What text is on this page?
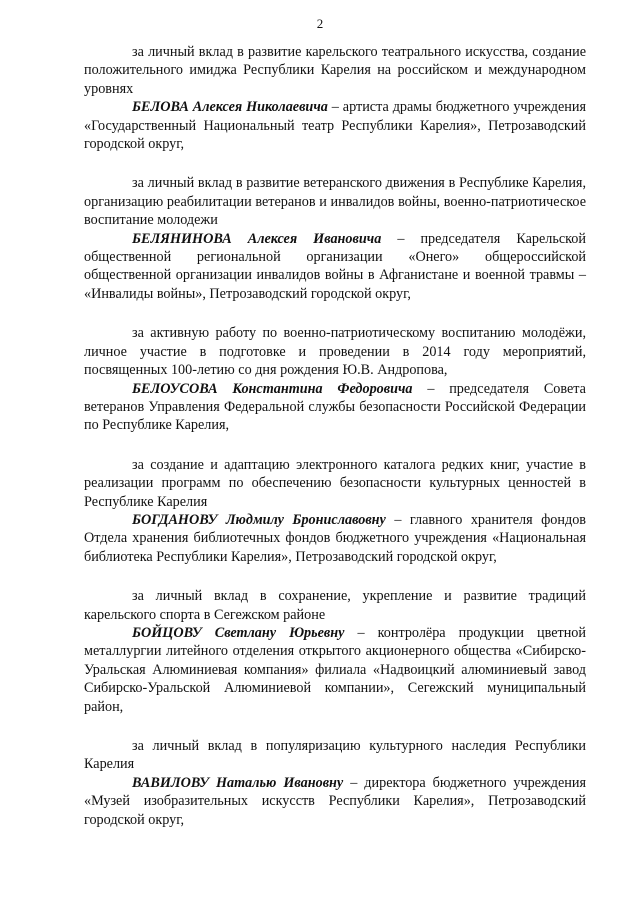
2

за личный вклад в развитие карельского театрального искусства, создание положительного имиджа Республики Карелия на российском и международном уровнях

БЕЛОВА Алексея Николаевича – артиста драмы бюджетного учреждения «Государственный Национальный театр Республики Карелия», Петрозаводский городской округ,

за личный вклад в развитие ветеранского движения в Республике Карелия, организацию реабилитации ветеранов и инвалидов войны, военно-патриотическое воспитание молодежи

БЕЛЯНИНОВА Алексея Ивановича – председателя Карельской общественной региональной организации «Онего» общероссийской общественной организации инвалидов войны в Афганистане и военной травмы – «Инвалиды войны», Петрозаводский городской округ,

за активную работу по военно-патриотическому воспитанию молодёжи, личное участие в подготовке и проведении в 2014 году мероприятий, посвященных 100-летию со дня рождения Ю.В. Андропова,

БЕЛОУСОВА Константина Федоровича – председателя Совета ветеранов Управления Федеральной службы безопасности Российской Федерации по Республике Карелия,

за создание и адаптацию электронного каталога редких книг, участие в реализации программ по обеспечению безопасности культурных ценностей в Республике Карелия

БОГДАНОВУ Людмилу Брониславовну – главного хранителя фондов Отдела хранения библиотечных фондов бюджетного учреждения «Национальная библиотека Республики Карелия», Петрозаводский городской округ,

за личный вклад в сохранение, укрепление и развитие традиций карельского спорта в Сегежском районе

БОЙЦОВУ Светлану Юрьевну – контролёра продукции цветной металлургии литейного отделения открытого акционерного общества «Сибирско-Уральская Алюминиевая компания» филиала «Надвоицкий алюминиевый завод Сибирско-Уральской Алюминиевой компании», Сегежский муниципальный район,

за личный вклад в популяризацию культурного наследия Республики Карелия

ВАВИЛОВУ Наталью Ивановну – директора бюджетного учреждения «Музей изобразительных искусств Республики Карелия», Петрозаводский городской округ,
